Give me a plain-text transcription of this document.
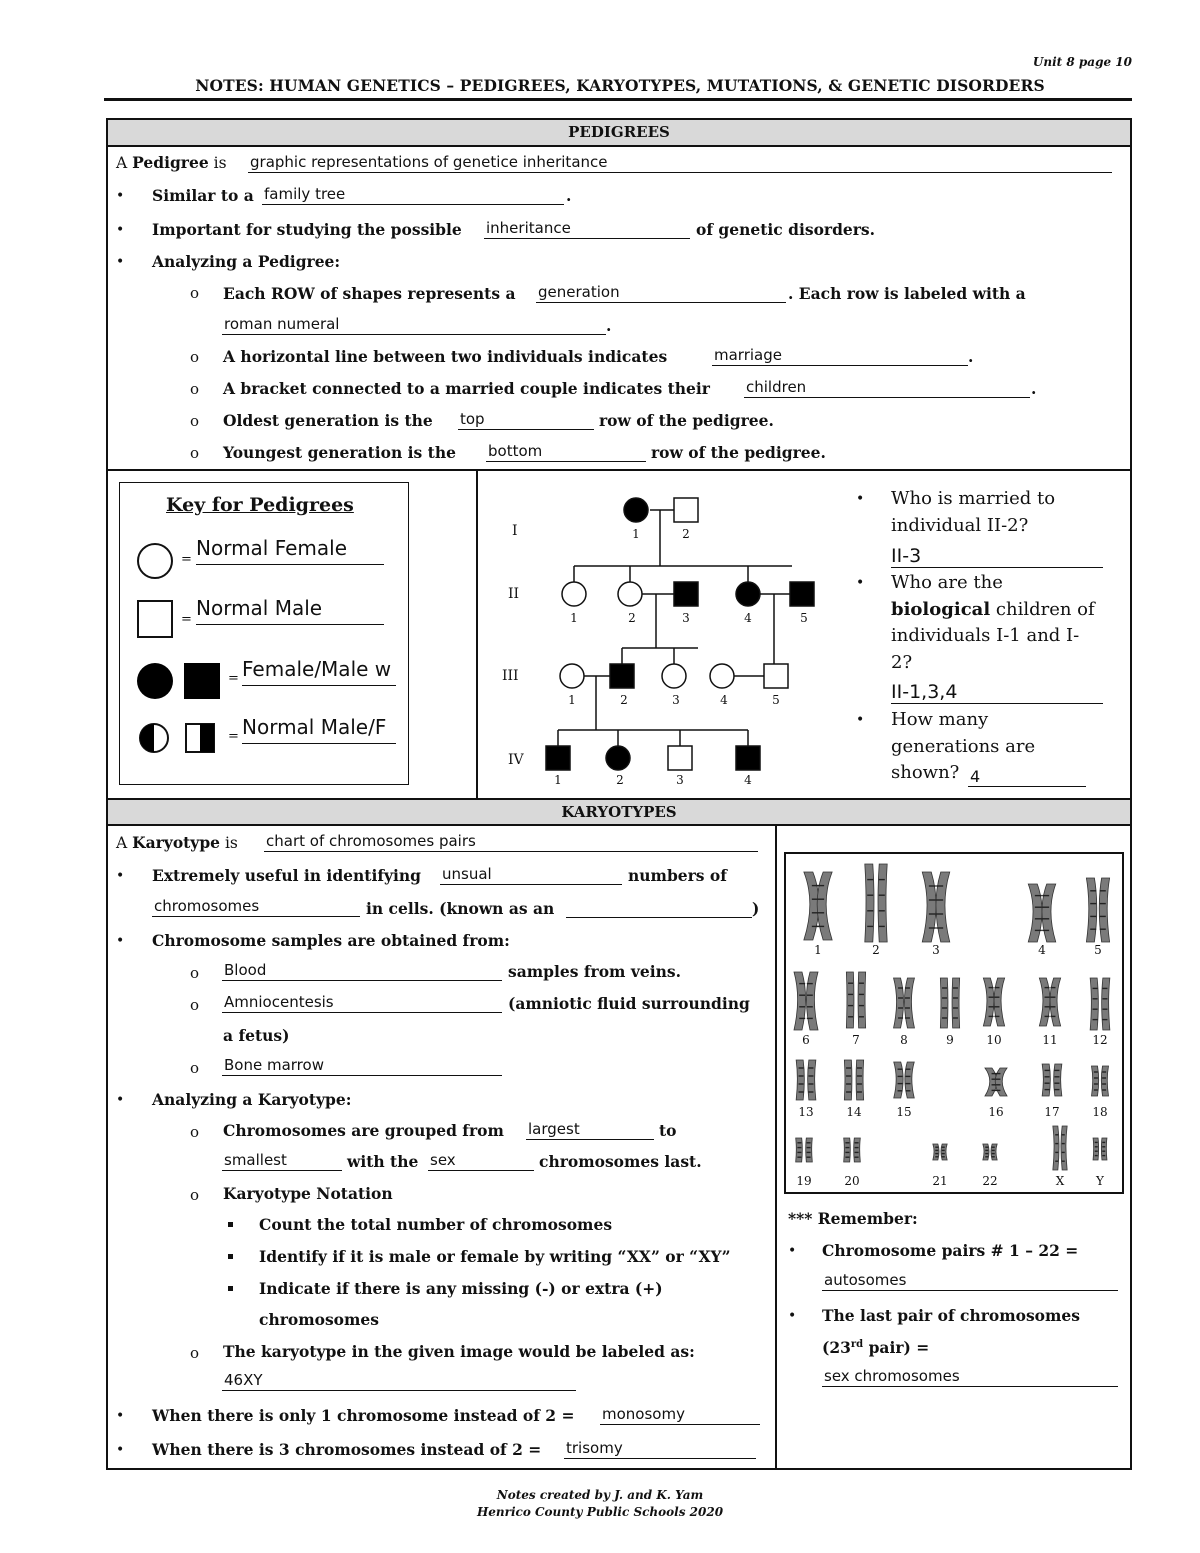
Unit 8 page 10
NOTES: HUMAN GENETICS – PEDIGREES, KARYOTYPES, MUTATIONS, & GENETIC DISORDERS
PEDIGREES
A Pedigree is	graphic representations of genetice inheritance
• Similar to a family tree	.
• Important for studying the possible inheritance	of genetic disorders.
• Analyzing a Pedigree:
o Each ROW of shapes represents a generation	. Each row is labeled with a
roman numeral	.
o A horizontal line between two individuals indicates	marriage	.
o A bracket connected to a married couple indicates their children	.
o Oldest generation is the top	row of the pedigree.
o Youngest generation is the bottom	row of the pedigree.
Key for Pedigrees
= Normal Female
= Normal Male
= Female/Male w
= Normal Male/F
I
II
III
IV
1	2
1	2	3	4	5
1	2	3	4	5
1	2	3	4
• Who is married to
individual II-2?
II-3
• Who are the
biological children of
individuals I-1 and I-
2?
II-1,3,4
• How many
generations are
shown? 4
KARYOTYPES
A Karyotype is chart of chromosomes pairs
• Extremely useful in identifying unsual	numbers of
chromosomes	in cells. (known as an	)
• Chromosome samples are obtained from:
o Blood	samples from veins.
o Amniocentesis	(amniotic fluid surrounding
a fetus)
o Bone marrow
• Analyzing a Karyotype:
o Chromosomes are grouped from largest	to
smallest	with the sex	chromosomes last.
o Karyotype Notation
Count the total number of chromosomes
Identify if it is male or female by writing “XX” or “XY”
Indicate if there is any missing (-) or extra (+)
chromosomes
o The karyotype in the given image would be labeled as:
46XY
• When there is only 1 chromosome instead of 2 = monosomy
• When there is 3 chromosomes instead of 2 = trisomy
1	2	3	4	5
6	7	8	9	10	11	12
13	14	15	16	17	18
19	20	21	22	X	Y
*** Remember:
• Chromosome pairs # 1 – 22 =
autosomes
• The last pair of chromosomes
(23rd pair) =
sex chromosomes
Notes created by J. and K. Yam
Henrico County Public Schools 2020
